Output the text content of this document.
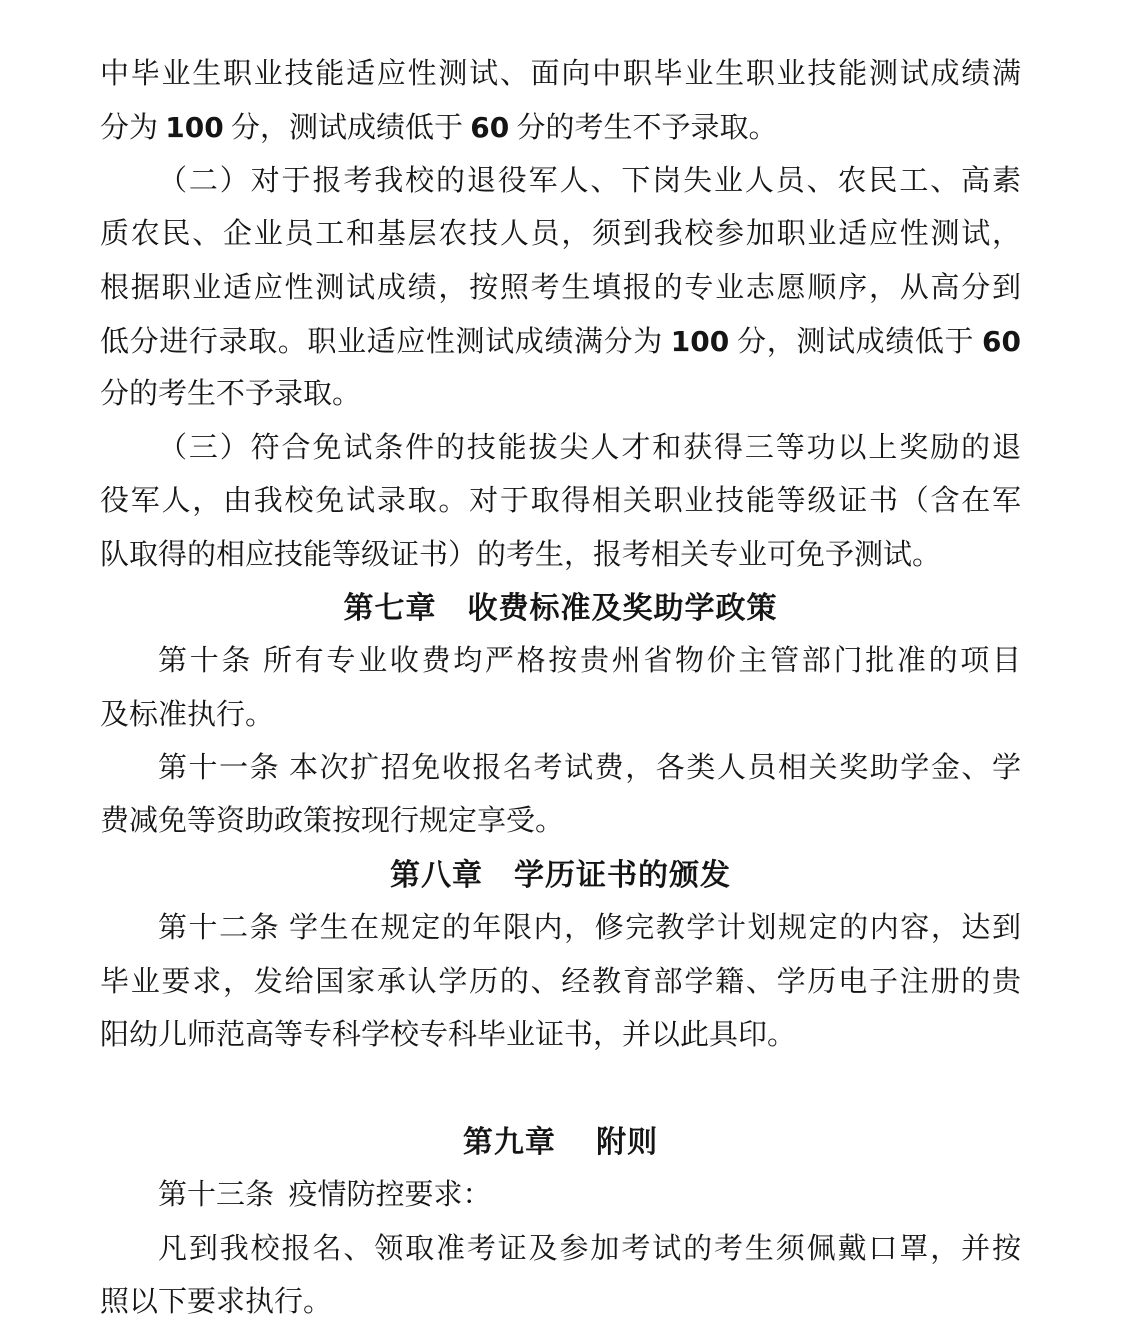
中毕业生职业技能适应性测试、面向中职毕业生职业技能测试成绩满
分为 100 分，测试成绩低于 60 分的考生不予录取。
（二）对于报考我校的退役军人、下岗失业人员、农民工、高素
质农民、企业员工和基层农技人员，须到我校参加职业适应性测试，
根据职业适应性测试成绩，按照考生填报的专业志愿顺序，从高分到
低分进行录取。职业适应性测试成绩满分为 100 分，测试成绩低于 60
分的考生不予录取。
（三）符合免试条件的技能拔尖人才和获得三等功以上奖励的退
役军人，由我校免试录取。对于取得相关职业技能等级证书（含在军
队取得的相应技能等级证书）的考生，报考相关专业可免予测试。
第七章　收费标准及奖助学政策
第十条 所有专业收费均严格按贵州省物价主管部门批准的项目
及标准执行。
第十一条 本次扩招免收报名考试费，各类人员相关奖助学金、学
费减免等资助政策按现行规定享受。
第八章　学历证书的颁发
第十二条 学生在规定的年限内，修完教学计划规定的内容，达到
毕业要求，发给国家承认学历的、经教育部学籍、学历电子注册的贵
阳幼儿师范高等专科学校专科毕业证书，并以此具印。

第九章　 附则
第十三条  疫情防控要求：
凡到我校报名、领取准考证及参加考试的考生须佩戴口罩，并按
照以下要求执行。
